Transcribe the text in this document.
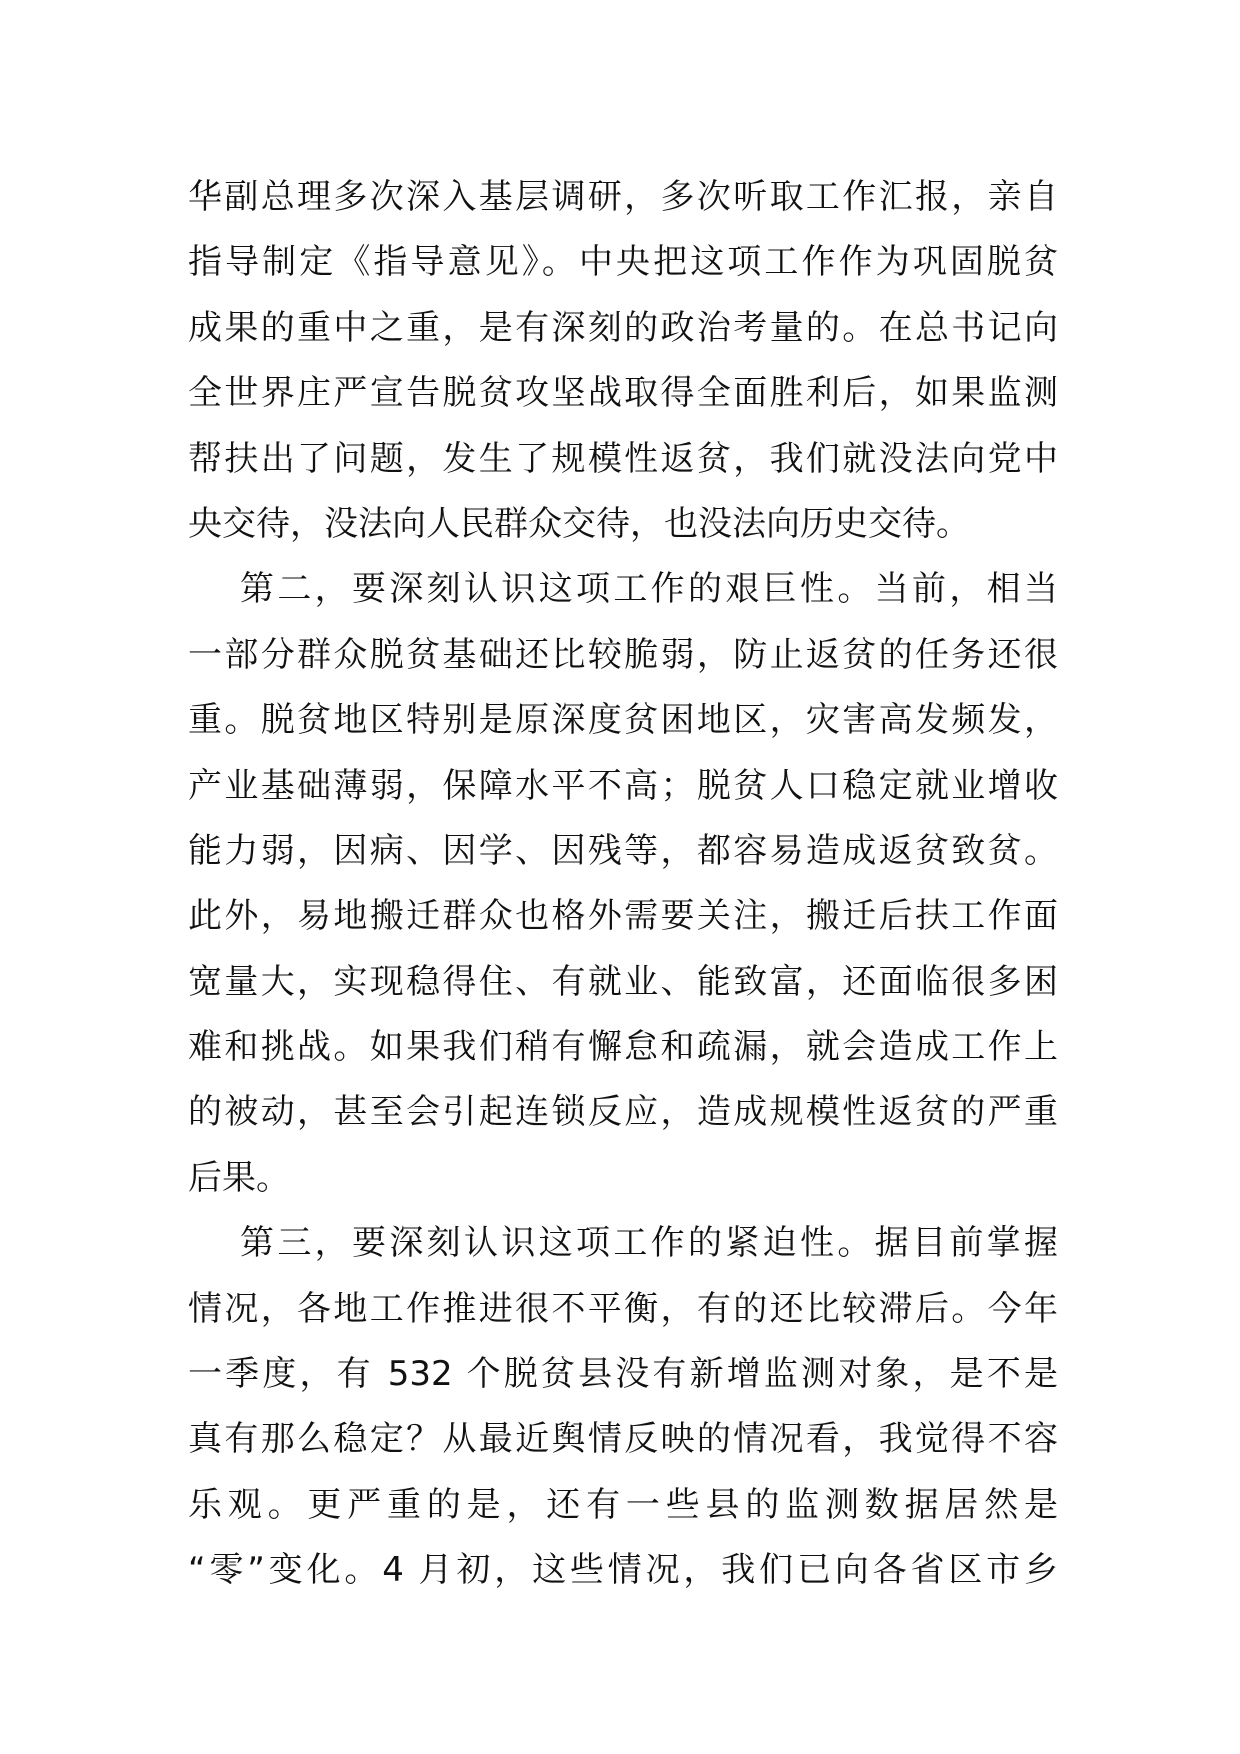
华副总理多次深入基层调研，多次听取工作汇报，亲自
指导制定《指导意见》。中央把这项工作作为巩固脱贫
成果的重中之重，是有深刻的政治考量的。在总书记向
全世界庄严宣告脱贫攻坚战取得全面胜利后，如果监测
帮扶出了问题，发生了规模性返贫，我们就没法向党中
央交待，没法向人民群众交待，也没法向历史交待。
第二，要深刻认识这项工作的艰巨性。当前，相当
一部分群众脱贫基础还比较脆弱，防止返贫的任务还很
重。脱贫地区特别是原深度贫困地区，灾害高发频发，
产业基础薄弱，保障水平不高；脱贫人口稳定就业增收
能力弱，因病、因学、因残等，都容易造成返贫致贫。
此外，易地搬迁群众也格外需要关注，搬迁后扶工作面
宽量大，实现稳得住、有就业、能致富，还面临很多困
难和挑战。如果我们稍有懈怠和疏漏，就会造成工作上
的被动，甚至会引起连锁反应，造成规模性返贫的严重
后果。
第三，要深刻认识这项工作的紧迫性。据目前掌握
情况，各地工作推进很不平衡，有的还比较滞后。今年
一季度，有 532 个脱贫县没有新增监测对象，是不是
真有那么稳定？从最近舆情反映的情况看，我觉得不容
乐观。更严重的是，还有一些县的监测数据居然是
“零”变化。4 月初，这些情况，我们已向各省区市乡
